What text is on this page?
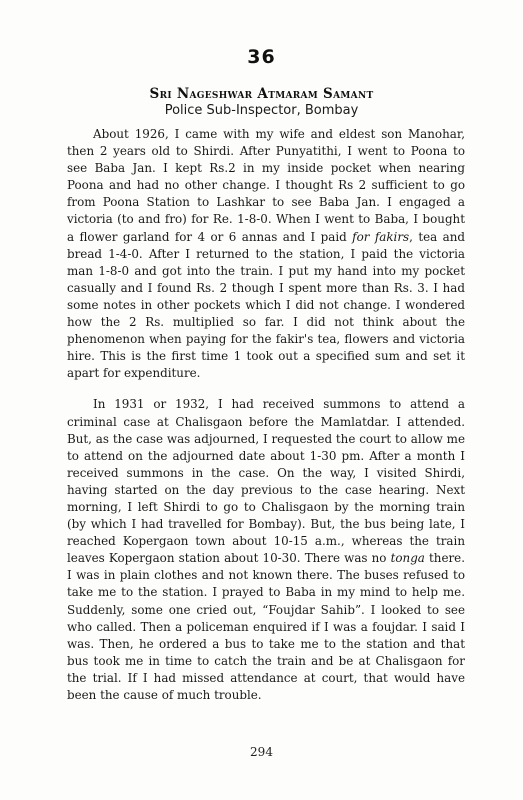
36
Sri Nageshwar Atmaram Samant
Police Sub-Inspector, Bombay

About 1926, I came with my wife and eldest son Manohar, then 2 years old to Shirdi. After Punyatithi, I went to Poona to see Baba Jan. I kept Rs.2 in my inside pocket when nearing Poona and had no other change. I thought Rs 2 sufficient to go from Poona Station to Lashkar to see Baba Jan. I engaged a victoria (to and fro) for Re. 1-8-0. When I went to Baba, I bought a flower garland for 4 or 6 annas and I paid for fakirs, tea and bread 1-4-0. After I returned to the station, I paid the victoria man 1-8-0 and got into the train. I put my hand into my pocket casually and I found Rs. 2 though I spent more than Rs. 3. I had some notes in other pockets which I did not change. I wondered how the 2 Rs. multiplied so far. I did not think about the phenomenon when paying for the fakir's tea, flowers and victoria hire. This is the first time 1 took out a specified sum and set it apart for expenditure.

In 1931 or 1932, I had received summons to attend a criminal case at Chalisgaon before the Mamlatdar. I attended. But, as the case was adjourned, I requested the court to allow me to attend on the adjourned date about 1-30 pm. After a month I received summons in the case. On the way, I visited Shirdi, having started on the day previous to the case hearing. Next morning, I left Shirdi to go to Chalisgaon by the morning train (by which I had travelled for Bombay). But, the bus being late, I reached Kopergaon town about 10-15 a.m., whereas the train leaves Kopergaon station about 10-30. There was no tonga there. I was in plain clothes and not known there. The buses refused to take me to the station. I prayed to Baba in my mind to help me. Suddenly, some one cried out, “Foujdar Sahib”. I looked to see who called. Then a policeman enquired if I was a foujdar. I said I was. Then, he ordered a bus to take me to the station and that bus took me in time to catch the train and be at Chalisgaon for the trial. If I had missed attendance at court, that would have been the cause of much trouble.

294
